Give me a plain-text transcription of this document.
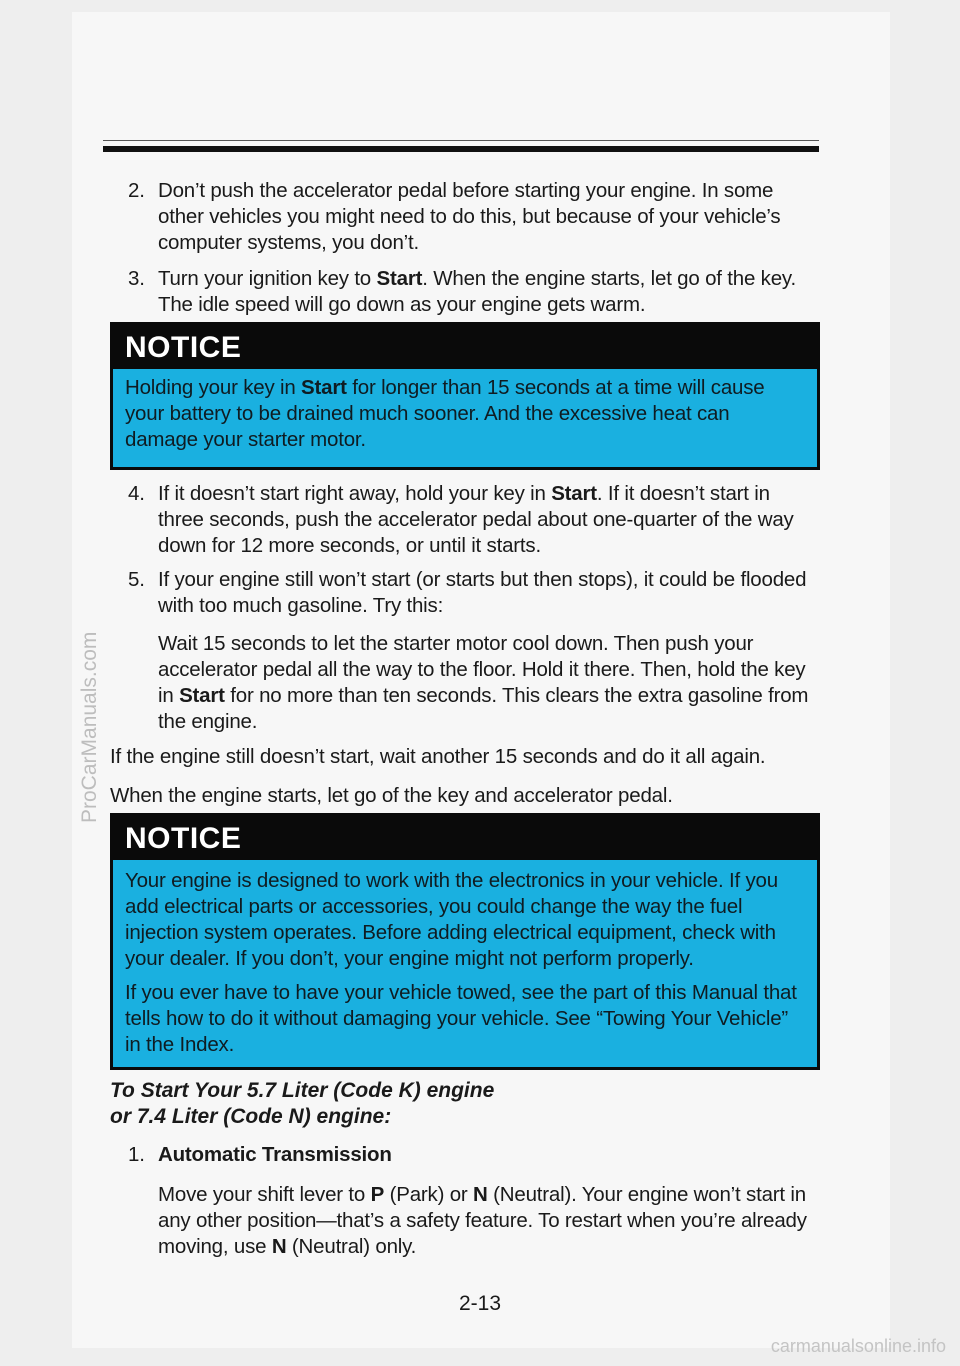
2. Don’t push the accelerator pedal before starting your engine. In some other vehicles you might need to do this, but because of your vehicle’s computer systems, you don’t.
3. Turn your ignition key to Start. When the engine starts, let go of the key. The idle speed will go down as your engine gets warm.
NOTICE
Holding your key in Start for longer than 15 seconds at a time will cause your battery to be drained much sooner. And the excessive heat can damage your starter motor.
4. If it doesn’t start right away, hold your key in Start. If it doesn’t start in three seconds, push the accelerator pedal about one-quarter of the way down for 12 more seconds, or until it starts.
5. If your engine still won’t start (or starts but then stops), it could be flooded with too much gasoline. Try this:
Wait 15 seconds to let the starter motor cool down. Then push your accelerator pedal all the way to the floor. Hold it there. Then, hold the key in Start for no more than ten seconds. This clears the extra gasoline from the engine.
If the engine still doesn’t start, wait another 15 seconds and do it all again.
When the engine starts, let go of the key and accelerator pedal.
NOTICE

Your engine is designed to work with the electronics in your vehicle. If you add electrical parts or accessories, you could change the way the fuel injection system operates. Before adding electrical equipment, check with your dealer. If you don’t, your engine might not perform properly.

If you ever have to have your vehicle towed, see the part of this Manual that tells how to do it without damaging your vehicle. See “Towing Your Vehicle” in the Index.

To Start Your 5.7 Liter (Code K) engine
or 7.4 Liter (Code N) engine:
1. Automatic Transmission
Move your shift lever to P (Park) or N (Neutral). Your engine won’t start in any other position—that’s a safety feature. To restart when you’re already moving, use N (Neutral) only.
2-13
ProCarManuals.com
carmanualsonline.info
